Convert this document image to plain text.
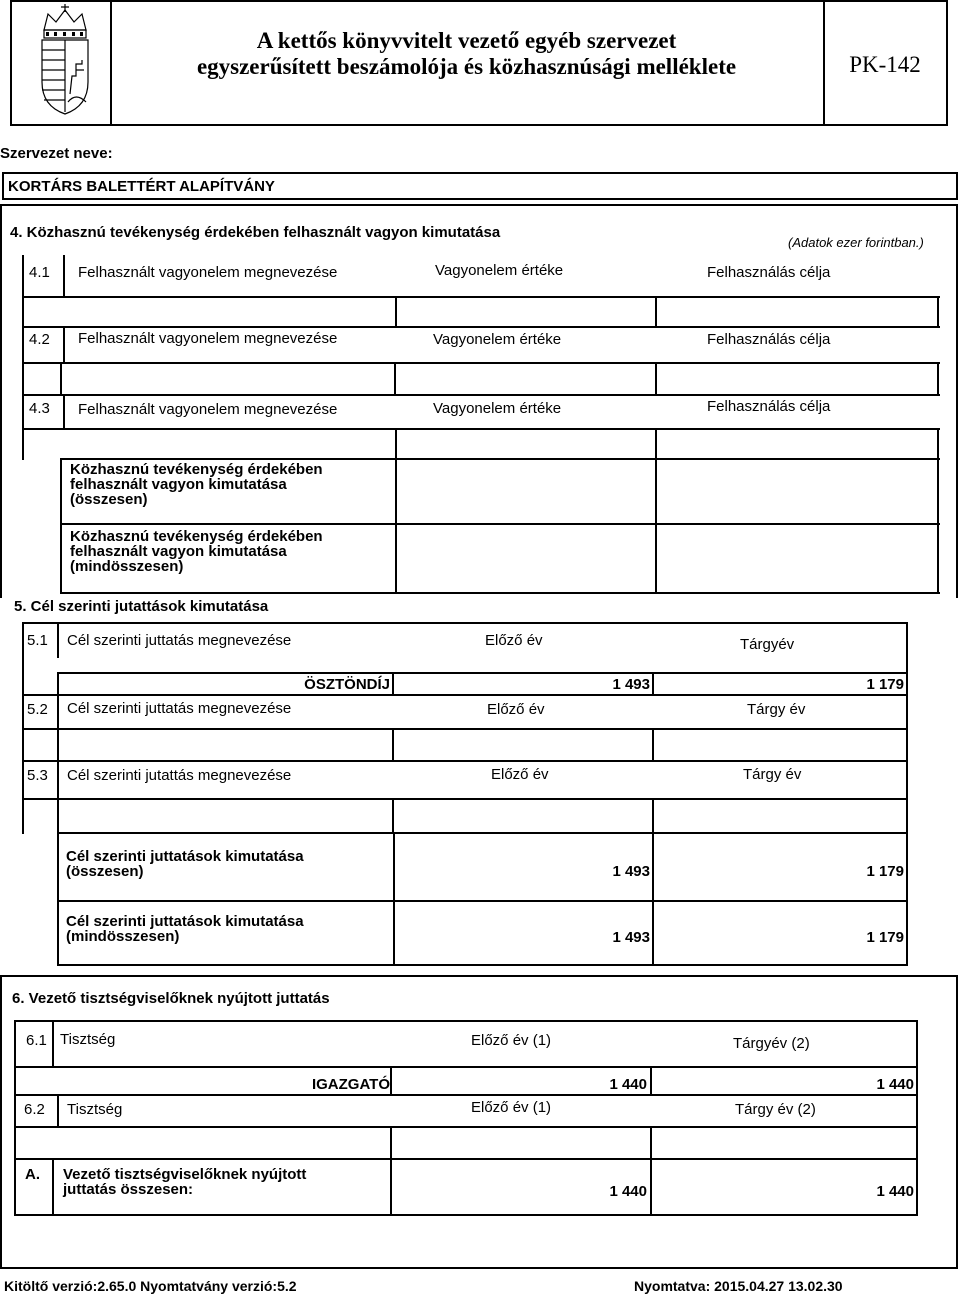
A kettős könyvvitelt vezető egyéb szervezet
egyszerűsített beszámolója és közhasznúsági melléklete	PK-142
Szervezet neve:
KORTÁRS BALETTÉRT ALAPÍTVÁNY
4. Közhasznú tevékenység érdekében felhasznált vagyon kimutatása
(Adatok ezer forintban.)
4.1 Felhasznált vagyonelem megnevezése	Vagyonelem értéke	Felhasználás célja
4.2 Felhasznált vagyonelem megnevezése	Vagyonelem értéke	Felhasználás célja
4.3 Felhasznált vagyonelem megnevezése	Vagyonelem értéke	Felhasználás célja
Közhasznú tevékenység érdekében
felhasznált vagyon kimutatása
(összesen)
Közhasznú tevékenység érdekében
felhasznált vagyon kimutatása
(mindösszesen)
5. Cél szerinti jutattások kimutatása
5.1 Cél szerinti juttatás megnevezése	Előző év	Tárgyév
ÖSZTÖNDÍJ	1 493	1 179
5.2 Cél szerinti juttatás megnevezése	Előző év	Tárgy év
5.3 Cél szerinti jutattás megnevezése	Előző év	Tárgy év
Cél szerinti juttatások kimutatása
(összesen)	1 493	1 179
Cél szerinti juttatások kimutatása
(mindösszesen)	1 493	1 179
6. Vezető tisztségviselőknek nyújtott juttatás
6.1 Tisztség	Előző év (1)	Tárgyév (2)
IGAZGATÓ	1 440	1 440
6.2 Tisztség	Előző év (1)	Tárgy év (2)
A. Vezető tisztségviselőknek nyújtott
juttatás összesen:	1 440	1 440
Kitöltő verzió:2.65.0 Nyomtatvány verzió:5.2	Nyomtatva: 2015.04.27 13.02.30
